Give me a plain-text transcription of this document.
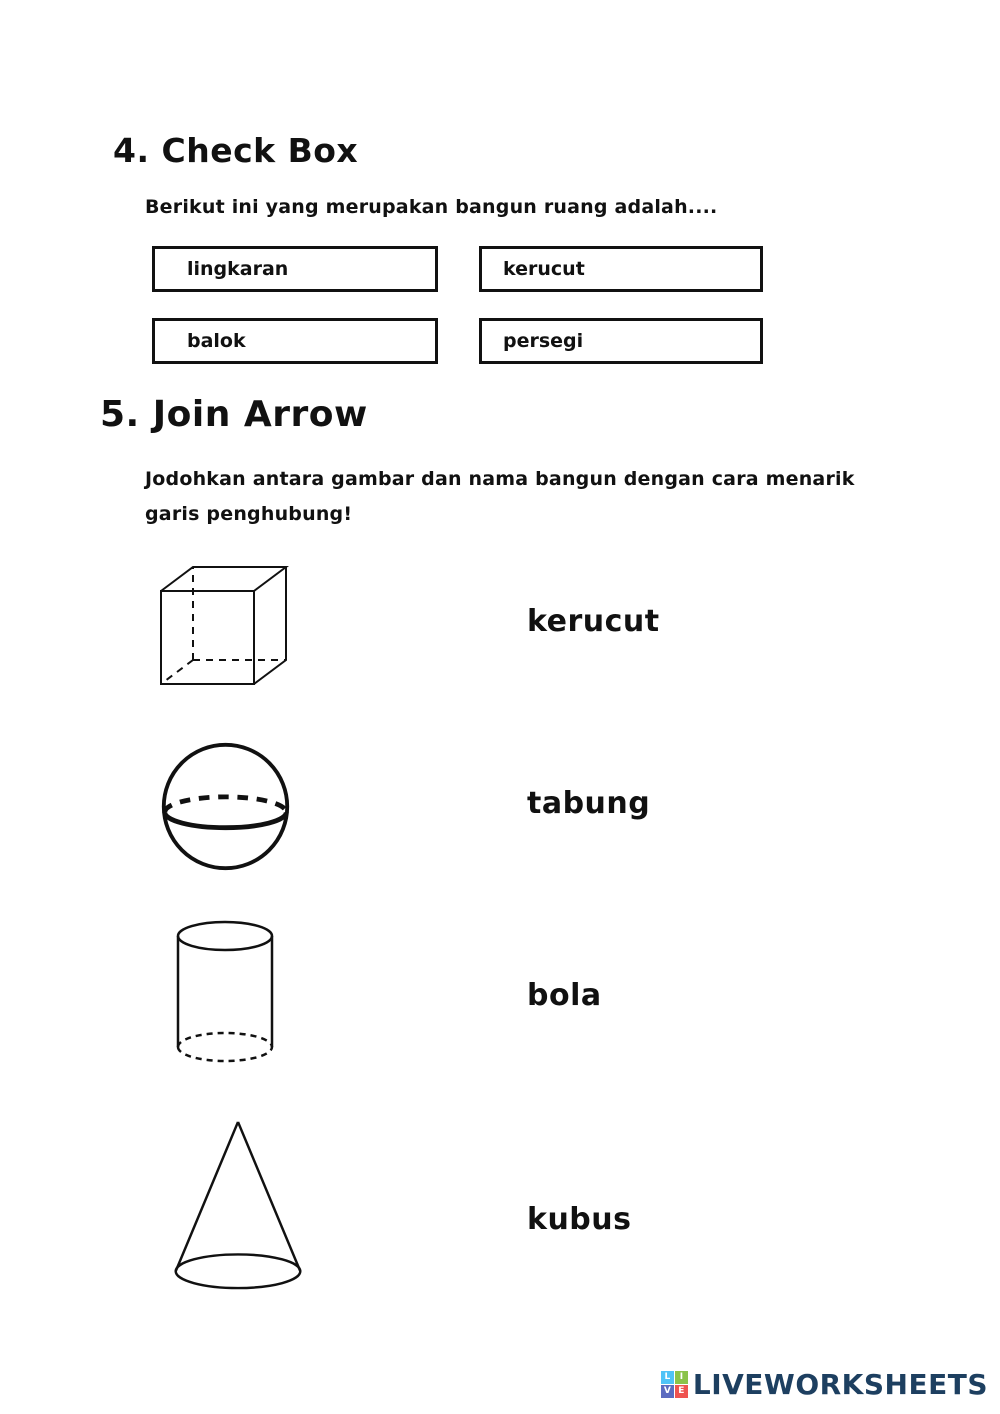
4. Check Box
Berikut ini yang merupakan bangun ruang adalah....
lingkaran	kerucut
balok	persegi
5. Join Arrow
Jodohkan antara gambar dan nama bangun dengan cara menarik
garis penghubung!
kerucut
tabung
bola
kubus
L	I
V E LIVEWORKSHEETS
